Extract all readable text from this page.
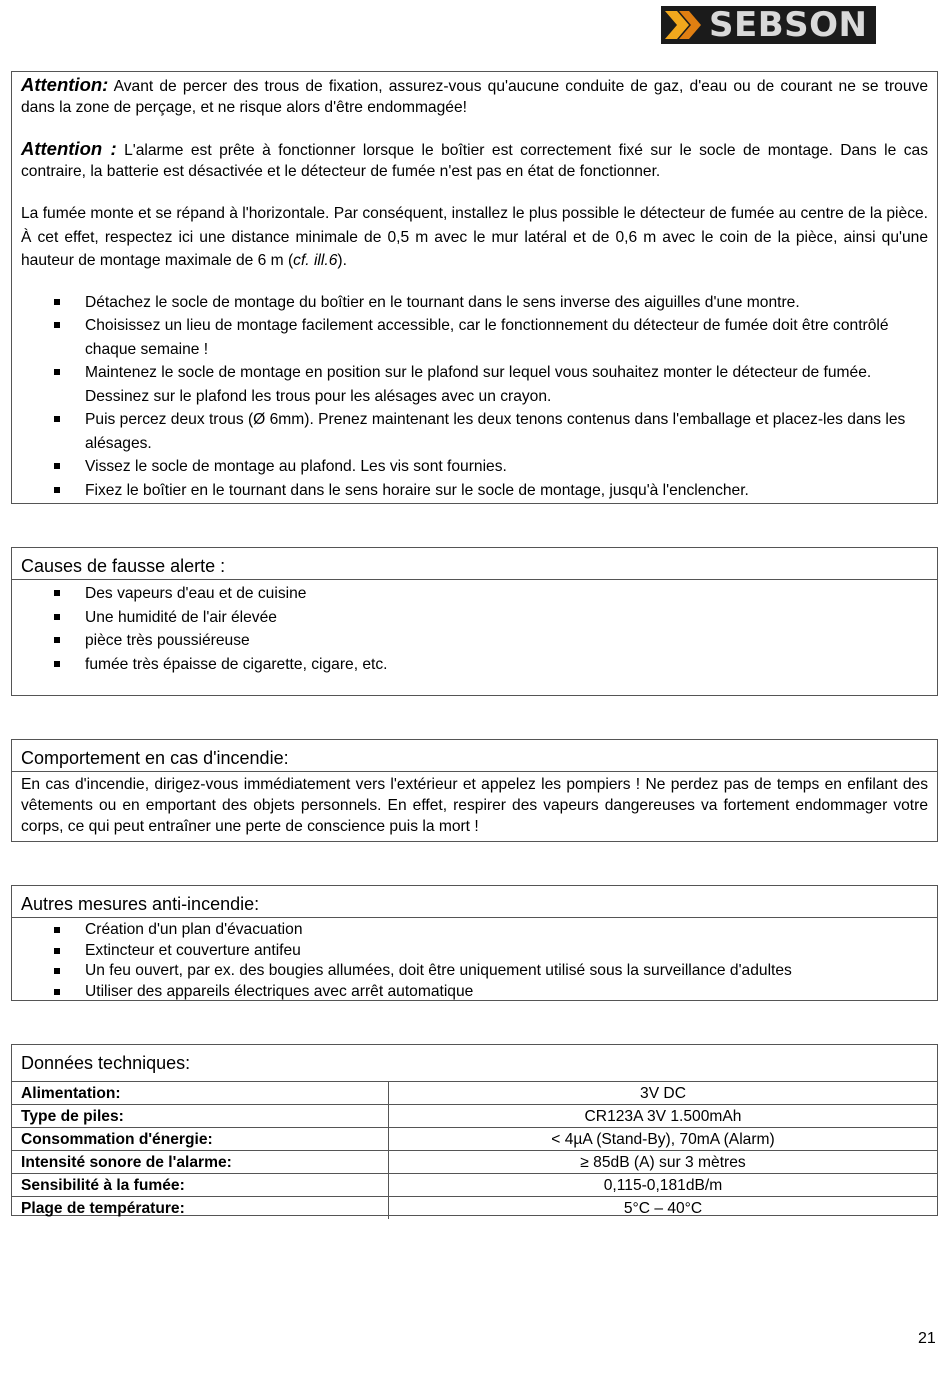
SEBSON

Attention: Avant de percer des trous de fixation, assurez-vous qu'aucune conduite de gaz, d'eau ou de courant ne se trouve dans la zone de perçage, et ne risque alors d'être endommagée!

Attention : L'alarme est prête à fonctionner lorsque le boîtier est correctement fixé sur le socle de montage. Dans le cas contraire, la batterie est désactivée et le détecteur de fumée n'est pas en état de fonctionner.

La fumée monte et se répand à l'horizontale. Par conséquent, installez le plus possible le détecteur de fumée au centre de la pièce. À cet effet, respectez ici une distance minimale de 0,5 m avec le mur latéral et de 0,6 m avec le coin de la pièce, ainsi qu'une hauteur de montage maximale de 6 m (cf. ill.6).

Détachez le socle de montage du boîtier en le tournant dans le sens inverse des aiguilles d'une montre.
Choisissez un lieu de montage facilement accessible, car le fonctionnement du détecteur de fumée doit être contrôlé chaque semaine !
Maintenez le socle de montage en position sur le plafond sur lequel vous souhaitez monter le détecteur de fumée. Dessinez sur le plafond les trous pour les alésages avec un crayon.
Puis percez deux trous (Ø 6mm). Prenez maintenant les deux tenons contenus dans l'emballage et placez-les dans les alésages.
Vissez le socle de montage au plafond. Les vis sont fournies.
Fixez le boîtier en le tournant dans le sens horaire sur le socle de montage, jusqu'à l'enclencher.
Causes de fausse alerte :
Des vapeurs d'eau et de cuisine
Une humidité de l'air élevée
pièce très poussiéreuse
fumée très épaisse de cigarette, cigare, etc.
Comportement en cas d'incendie:

En cas d'incendie, dirigez-vous immédiatement vers l'extérieur et appelez les pompiers ! Ne perdez pas de temps en enfilant des vêtements ou en emportant des objets personnels. En effet, respirer des vapeurs dangereuses va fortement endommager votre corps, ce qui peut entraîner une perte de conscience puis la mort !

Autres mesures anti-incendie:
Création d'un plan d'évacuation
Extincteur et couverture antifeu
Un feu ouvert, par ex. des bougies allumées, doit être uniquement utilisé sous la surveillance d'adultes
Utiliser des appareils électriques avec arrêt automatique
Données techniques:
Alimentation:	3V DC
Type de piles:	CR123A 3V 1.500mAh
Consommation d'énergie:	< 4µA (Stand-By), 70mA (Alarm)
Intensité sonore de l'alarme:	≥ 85dB (A) sur 3 mètres
Sensibilité à la fumée:	0,115-0,181dB/m
Plage de température:	5°C – 40°C
21
